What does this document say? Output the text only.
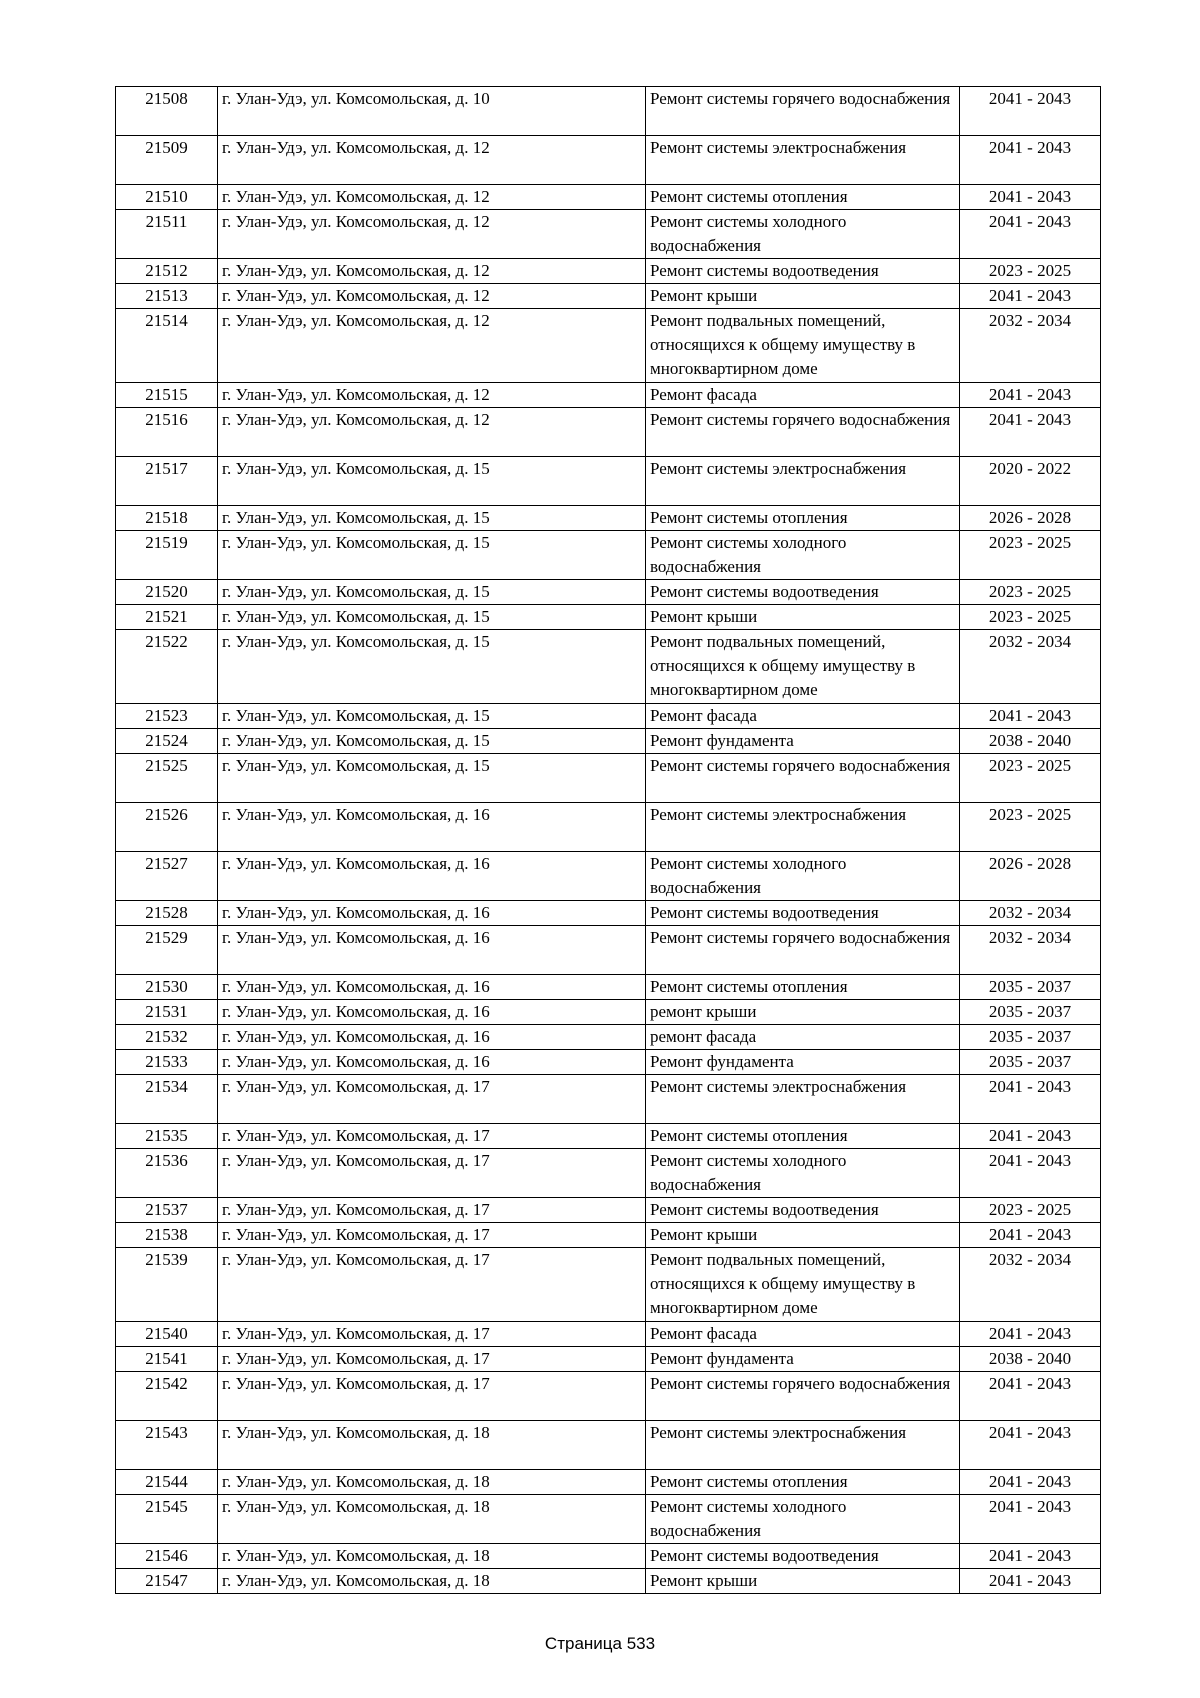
21508	г. Улан-Удэ, ул. Комсомольская, д. 10	Ремонт системы горячего водоснабжения	2041 - 2043
21509	г. Улан-Удэ, ул. Комсомольская, д. 12	Ремонт системы электроснабжения	2041 - 2043
21510	г. Улан-Удэ, ул. Комсомольская, д. 12	Ремонт системы отопления	2041 - 2043
21511	г. Улан-Удэ, ул. Комсомольская, д. 12	Ремонт системы холодного водоснабжения	2041 - 2043
21512	г. Улан-Удэ, ул. Комсомольская, д. 12	Ремонт системы водоотведения	2023 - 2025
21513	г. Улан-Удэ, ул. Комсомольская, д. 12	Ремонт крыши	2041 - 2043
21514	г. Улан-Удэ, ул. Комсомольская, д. 12	Ремонт подвальных помещений, относящихся к общему имуществу в многоквартирном доме	2032 - 2034
21515	г. Улан-Удэ, ул. Комсомольская, д. 12	Ремонт фасада	2041 - 2043
21516	г. Улан-Удэ, ул. Комсомольская, д. 12	Ремонт системы горячего водоснабжения	2041 - 2043
21517	г. Улан-Удэ, ул. Комсомольская, д. 15	Ремонт системы электроснабжения	2020 - 2022
21518	г. Улан-Удэ, ул. Комсомольская, д. 15	Ремонт системы отопления	2026 - 2028
21519	г. Улан-Удэ, ул. Комсомольская, д. 15	Ремонт системы холодного водоснабжения	2023 - 2025
21520	г. Улан-Удэ, ул. Комсомольская, д. 15	Ремонт системы водоотведения	2023 - 2025
21521	г. Улан-Удэ, ул. Комсомольская, д. 15	Ремонт крыши	2023 - 2025
21522	г. Улан-Удэ, ул. Комсомольская, д. 15	Ремонт подвальных помещений, относящихся к общему имуществу в многоквартирном доме	2032 - 2034
21523	г. Улан-Удэ, ул. Комсомольская, д. 15	Ремонт фасада	2041 - 2043
21524	г. Улан-Удэ, ул. Комсомольская, д. 15	Ремонт фундамента	2038 - 2040
21525	г. Улан-Удэ, ул. Комсомольская, д. 15	Ремонт системы горячего водоснабжения	2023 - 2025
21526	г. Улан-Удэ, ул. Комсомольская, д. 16	Ремонт системы электроснабжения	2023 - 2025
21527	г. Улан-Удэ, ул. Комсомольская, д. 16	Ремонт системы холодного водоснабжения	2026 - 2028
21528	г. Улан-Удэ, ул. Комсомольская, д. 16	Ремонт системы водоотведения	2032 - 2034
21529	г. Улан-Удэ, ул. Комсомольская, д. 16	Ремонт системы горячего водоснабжения	2032 - 2034
21530	г. Улан-Удэ, ул. Комсомольская, д. 16	Ремонт системы отопления	2035 - 2037
21531	г. Улан-Удэ, ул. Комсомольская, д. 16	ремонт крыши	2035 - 2037
21532	г. Улан-Удэ, ул. Комсомольская, д. 16	ремонт фасада	2035 - 2037
21533	г. Улан-Удэ, ул. Комсомольская, д. 16	Ремонт фундамента	2035 - 2037
21534	г. Улан-Удэ, ул. Комсомольская, д. 17	Ремонт системы электроснабжения	2041 - 2043
21535	г. Улан-Удэ, ул. Комсомольская, д. 17	Ремонт системы отопления	2041 - 2043
21536	г. Улан-Удэ, ул. Комсомольская, д. 17	Ремонт системы холодного водоснабжения	2041 - 2043
21537	г. Улан-Удэ, ул. Комсомольская, д. 17	Ремонт системы водоотведения	2023 - 2025
21538	г. Улан-Удэ, ул. Комсомольская, д. 17	Ремонт крыши	2041 - 2043
21539	г. Улан-Удэ, ул. Комсомольская, д. 17	Ремонт подвальных помещений, относящихся к общему имуществу в многоквартирном доме	2032 - 2034
21540	г. Улан-Удэ, ул. Комсомольская, д. 17	Ремонт фасада	2041 - 2043
21541	г. Улан-Удэ, ул. Комсомольская, д. 17	Ремонт фундамента	2038 - 2040
21542	г. Улан-Удэ, ул. Комсомольская, д. 17	Ремонт системы горячего водоснабжения	2041 - 2043
21543	г. Улан-Удэ, ул. Комсомольская, д. 18	Ремонт системы электроснабжения	2041 - 2043
21544	г. Улан-Удэ, ул. Комсомольская, д. 18	Ремонт системы отопления	2041 - 2043
21545	г. Улан-Удэ, ул. Комсомольская, д. 18	Ремонт системы холодного водоснабжения	2041 - 2043
21546	г. Улан-Удэ, ул. Комсомольская, д. 18	Ремонт системы водоотведения	2041 - 2043
21547	г. Улан-Удэ, ул. Комсомольская, д. 18	Ремонт крыши	2041 - 2043
Страница 533
